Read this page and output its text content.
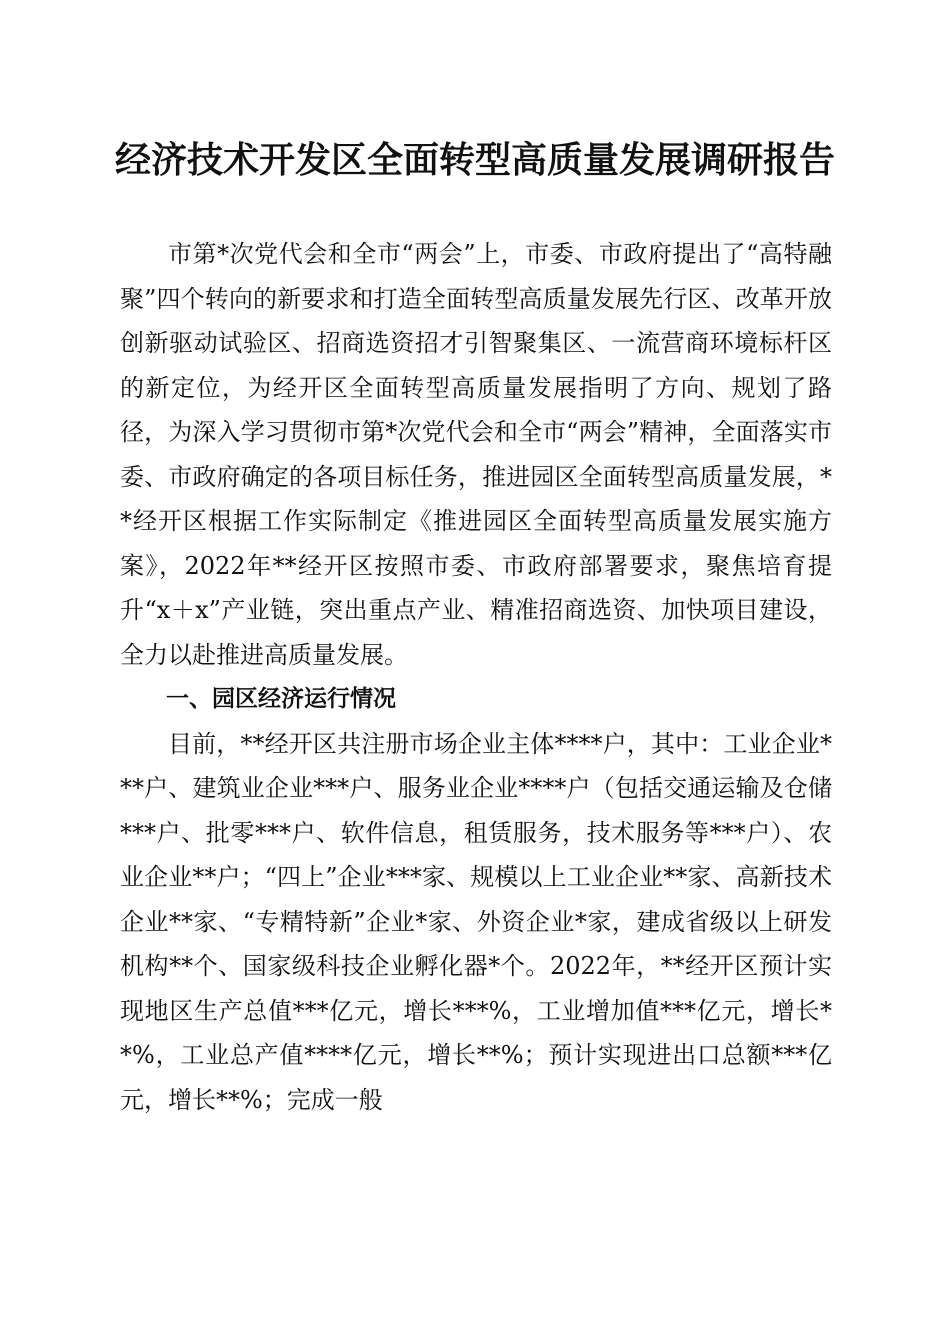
经济技术开发区全面转型高质量发展调研报告

市第*次党代会和全市“两会”上，市委、市政府提出了“高特融聚”四个转向的新要求和打造全面转型高质量发展先行区、改革开放创新驱动试验区、招商选资招才引智聚集区、一流营商环境标杆区的新定位，为经开区全面转型高质量发展指明了方向、规划了路径，为深入学习贯彻市第*次党代会和全市“两会”精神，全面落实市委、市政府确定的各项目标任务，推进园区全面转型高质量发展，**经开区根据工作实际制定《推进园区全面转型高质量发展实施方案》，2022年**经开区按照市委、市政府部署要求，聚焦培育提升“x＋x”产业链，突出重点产业、精准招商选资、加快项目建设，全力以赴推进高质量发展。

一、园区经济运行情况

目前，**经开区共注册市场企业主体****户，其中：工业企业***户、建筑业企业***户、服务业企业****户（包括交通运输及仓储***户、批零***户、软件信息，租赁服务，技术服务等***户）、农业企业**户；“四上”企业***家、规模以上工业企业**家、高新技术企业**家、“专精特新”企业*家、外资企业*家，建成省级以上研发机构**个、国家级科技企业孵化器*个。2022年，**经开区预计实现地区生产总值***亿元，增长***%，工业增加值***亿元，增长**%，工业总产值****亿元，增长**%；预计实现进出口总额***亿元，增长**%；完成一般
